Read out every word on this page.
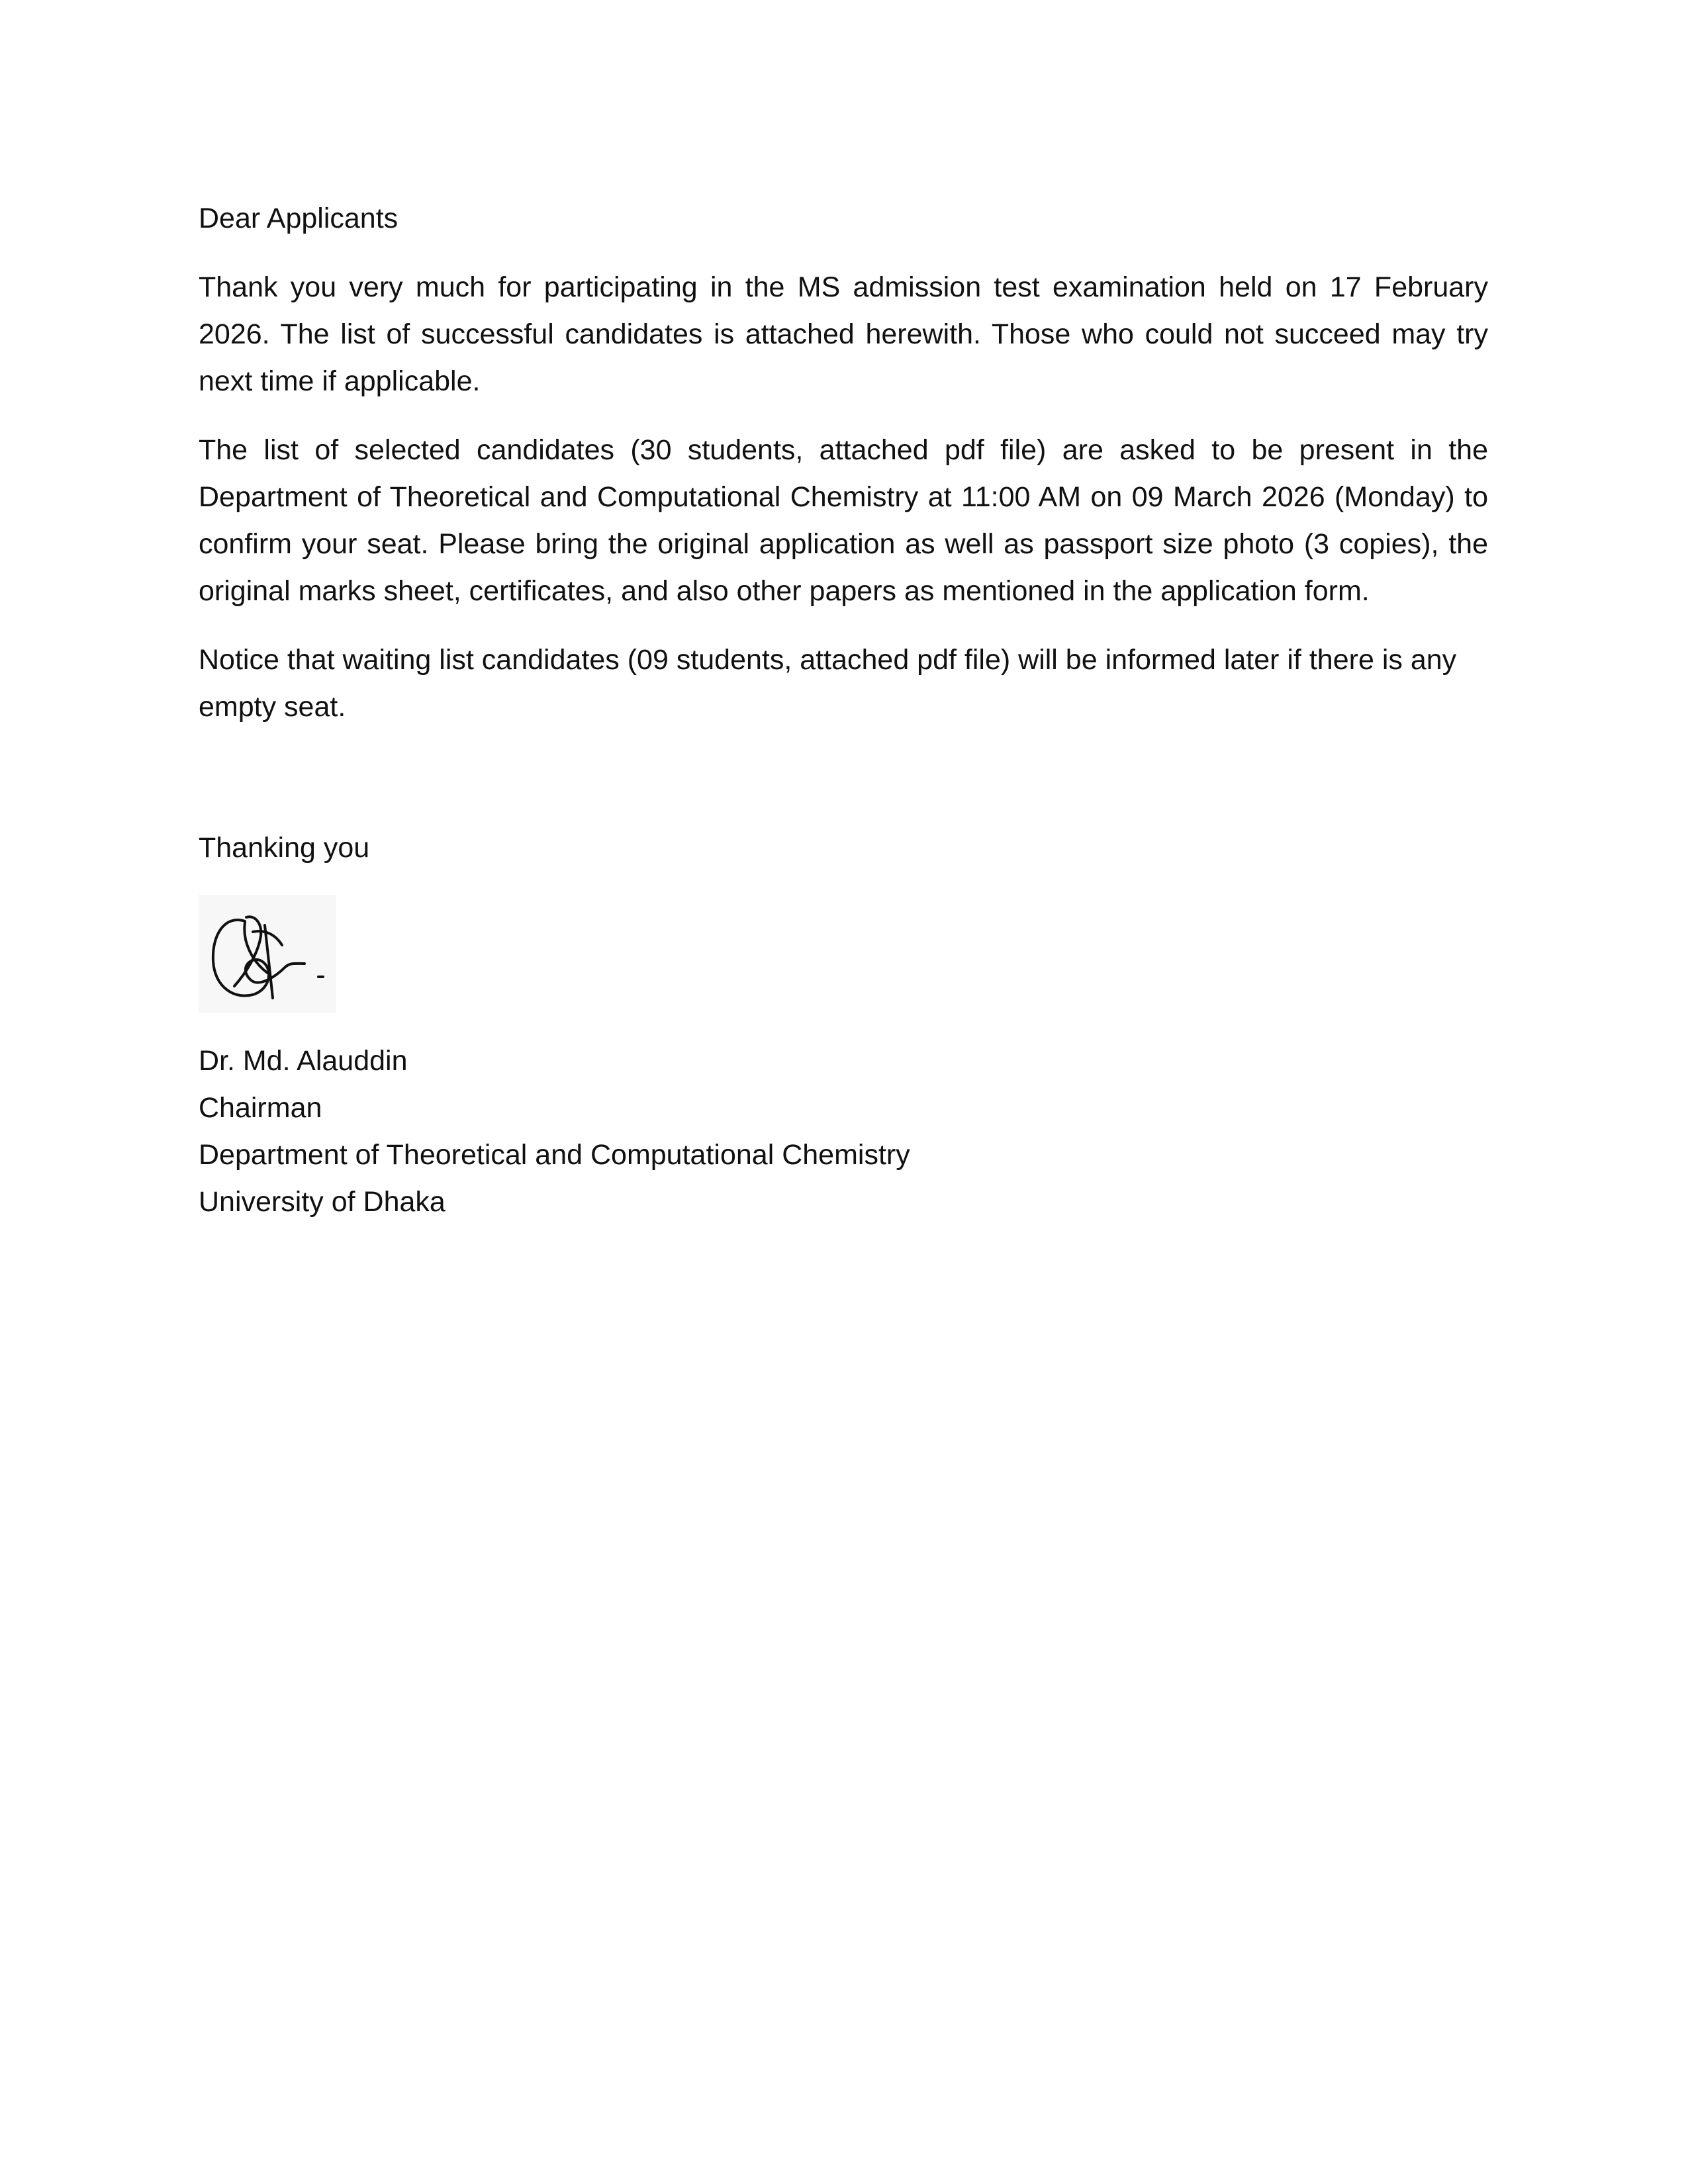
Dear Applicants

Thank you very much for participating in the MS admission test examination held on 17 February 2026. The list of successful candidates is attached herewith. Those who could not succeed may try next time if applicable.

The list of selected candidates (30 students, attached pdf file) are asked to be present in the Department of Theoretical and Computational Chemistry at 11:00 AM on 09 March 2026 (Monday) to confirm your seat. Please bring the original application as well as passport size photo (3 copies), the original marks sheet, certificates, and also other papers as mentioned in the application form.

Notice that waiting list candidates (09 students, attached pdf file) will be informed later if there is any empty seat.

Thanking you
Dr. Md. Alauddin
Chairman
Department of Theoretical and Computational Chemistry
University of Dhaka
